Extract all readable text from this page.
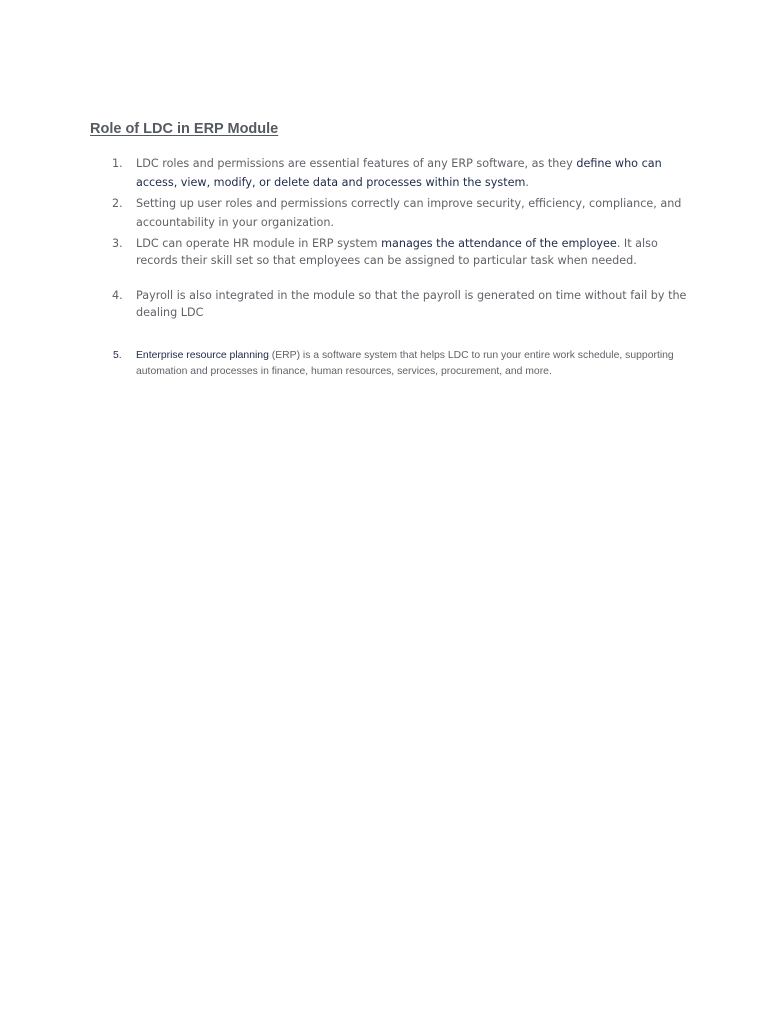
Role of LDC in ERP Module
1.	LDC roles and permissions are essential features of any ERP software, as they define who can access, view, modify, or delete data and processes within the system.
2.	Setting up user roles and permissions correctly can improve security, efficiency, compliance, and accountability in your organization.
3.	LDC can operate HR module in ERP system manages the attendance of the employee. It also records their skill set so that employees can be assigned to particular task when needed.
4.	Payroll is also integrated in the module so that the payroll is generated on time without fail by the dealing LDC
5.	Enterprise resource planning (ERP) is a software system that helps LDC to run your entire work schedule, supporting automation and processes in finance, human resources, services, procurement, and more.
